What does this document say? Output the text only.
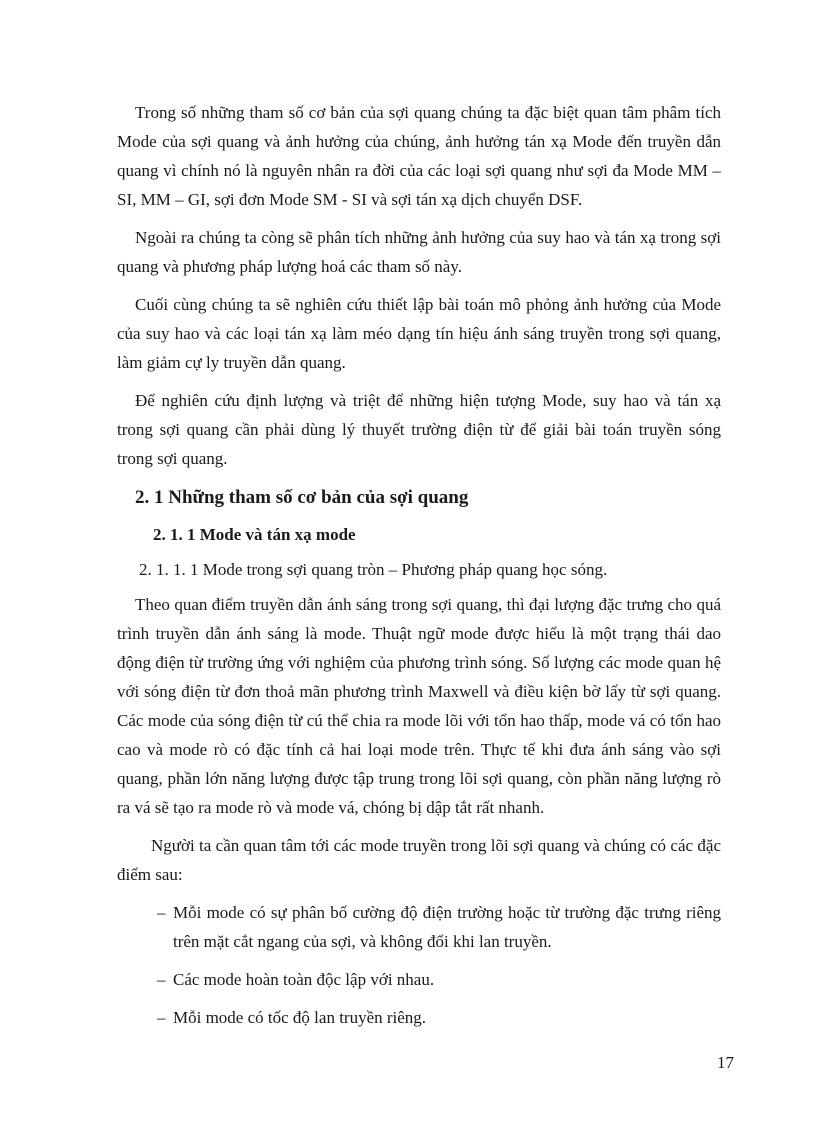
Trong số những tham số cơ bản của sợi quang chúng ta đặc biệt quan tâm phâm tích Mode của sợi quang và ảnh hưởng của chúng, ảnh hưởng tán xạ Mode đến truyền dẫn quang vì chính nó là nguyên nhân ra đời của các loại sợi quang như sợi đa Mode MM – SI, MM – GI, sợi đơn Mode SM - SI và sợi tán xạ dịch chuyển DSF.

Ngoài ra chúng ta còng sẽ phân tích những ảnh hưởng của suy hao và tán xạ trong sợi quang và phương pháp lượng hoá các tham số này.

Cuối cùng chúng ta sẽ nghiên cứu thiết lập bài toán mô phỏng ảnh hưởng của Mode của suy hao và các loại tán xạ làm méo dạng tín hiệu ánh sáng truyền trong sợi quang, làm giảm cự ly truyền dẫn quang.

Để nghiên cứu định lượng và triệt để những hiện tượng Mode, suy hao và tán xạ trong sợi quang cần phải dùng lý thuyết trường điện từ để giải bài toán truyền sóng trong sợi quang.

2. 1 Những tham số cơ bản của sợi quang
2. 1. 1 Mode và tán xạ mode

2. 1. 1. 1 Mode trong sợi quang tròn – Phương pháp quang học sóng.

Theo quan điểm truyền dẫn ánh sáng trong sợi quang, thì đại lượng đặc trưng cho quá trình truyền dẫn ánh sáng là mode. Thuật ngữ mode được hiểu là một trạng thái dao động điện từ trường ứng với nghiệm của phương trình sóng. Số lượng các mode quan hệ với sóng điện từ đơn thoả mãn phương trình Maxwell và điều kiện bờ lấy từ sợi quang. Các mode của sóng điện từ cú thể chia ra mode lõi với tổn hao thấp, mode vá có tổn hao cao và mode rò có đặc tính cả hai loại mode trên. Thực tế khi đưa ánh sáng vào sợi quang, phần lớn năng lượng được tập trung trong lõi sợi quang, còn phần năng lượng rò ra vá sẽ tạo ra mode rò và mode vá, chóng bị dập tắt rất nhanh.

Người ta cần quan tâm tới các mode truyền trong lõi sợi quang và chúng có các đặc điểm sau:

– Mỗi mode có sự phân bố cường độ điện trường hoặc từ trường đặc trưng riêng trên mặt cắt ngang của sợi, và không đổi khi lan truyền.
– Các mode hoàn toàn độc lập với nhau.
– Mỗi mode có tốc độ lan truyền riêng.
17
